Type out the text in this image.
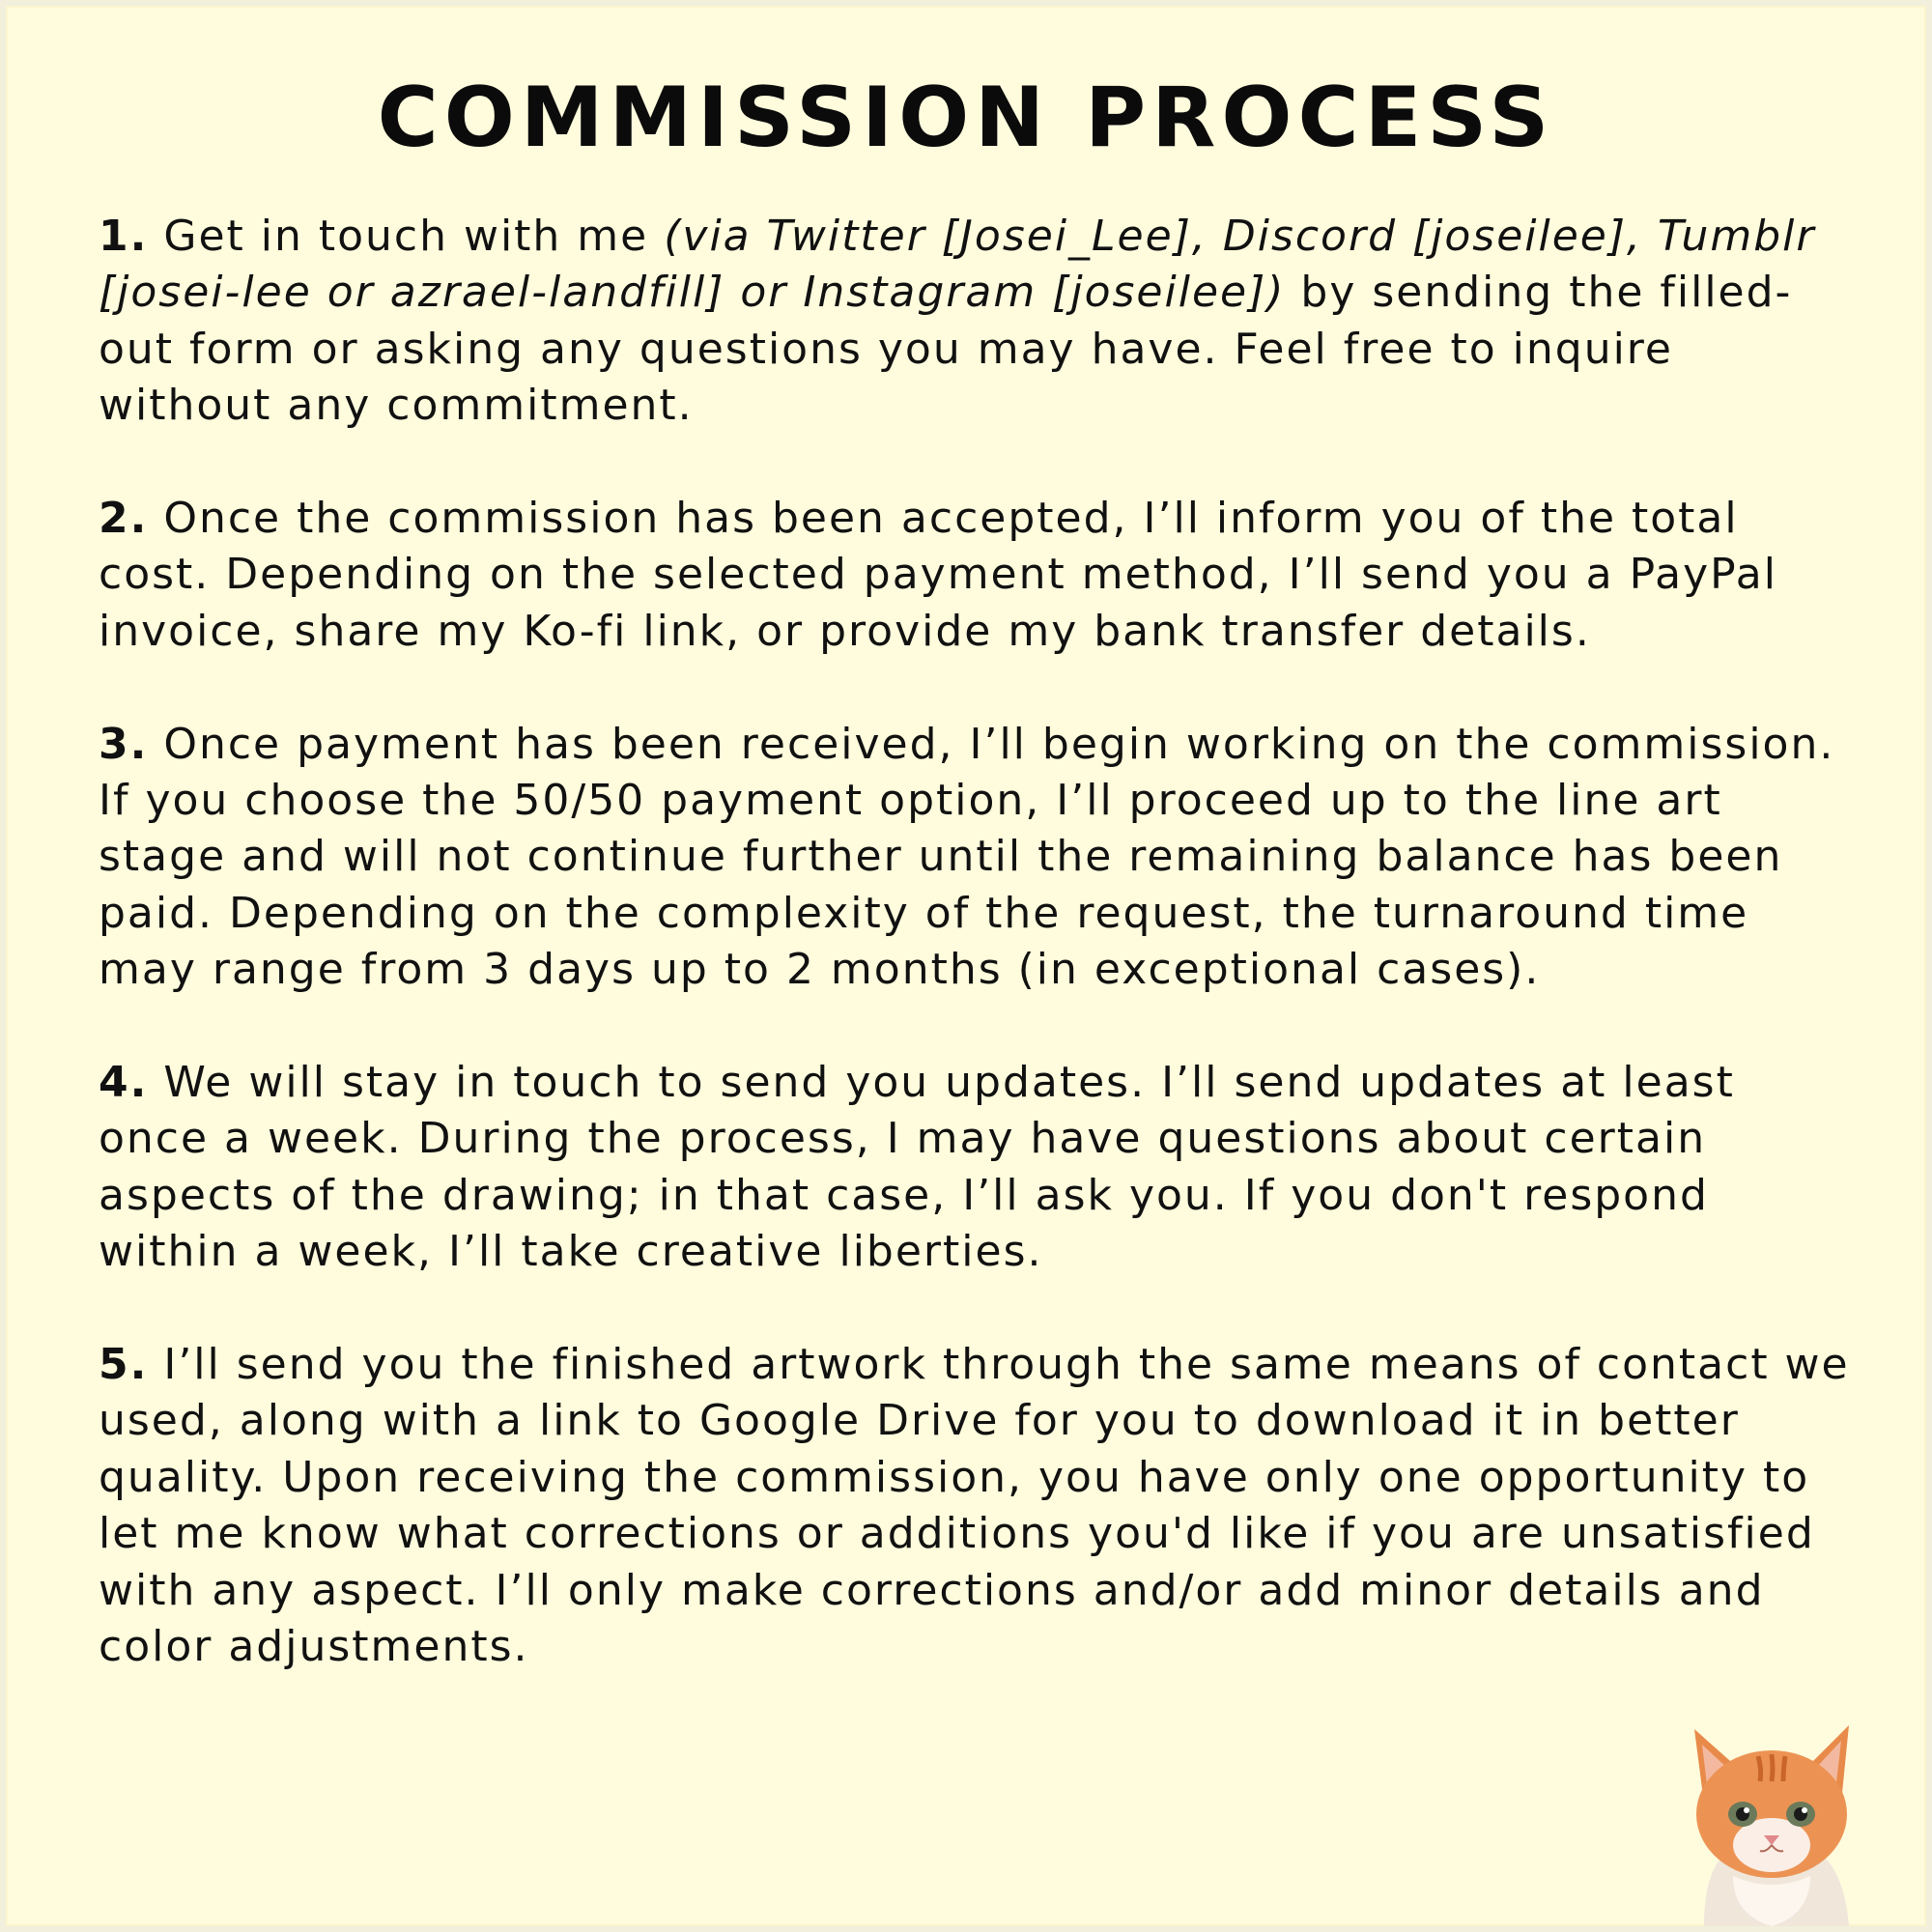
COMMISSION PROCESS

1. Get in touch with me (via Twitter [Josei_Lee], Discord [joseilee], Tumblr [josei-lee or azrael-landfill] or Instagram [joseilee]) by sending the filled-out form or asking any questions you may have. Feel free to inquire without any commitment.

2. Once the commission has been accepted, I’ll inform you of the total cost. Depending on the selected payment method, I’ll send you a PayPal invoice, share my Ko-fi link, or provide my bank transfer details.

3. Once payment has been received, I’ll begin working on the commission. If you choose the 50/50 payment option, I’ll proceed up to the line art stage and will not continue further until the remaining balance has been paid. Depending on the complexity of the request, the turnaround time may range from 3 days up to 2 months (in exceptional cases).

4. We will stay in touch to send you updates. I’ll send updates at least once a week. During the process, I may have questions about certain aspects of the drawing; in that case, I’ll ask you. If you don't respond within a week, I’ll take creative liberties.

5. I’ll send you the finished artwork through the same means of contact we used, along with a link to Google Drive for you to download it in better quality. Upon receiving the commission, you have only one opportunity to let me know what corrections or additions you'd like if you are unsatisfied with any aspect. I’ll only make corrections and/or add minor details and color adjustments.
